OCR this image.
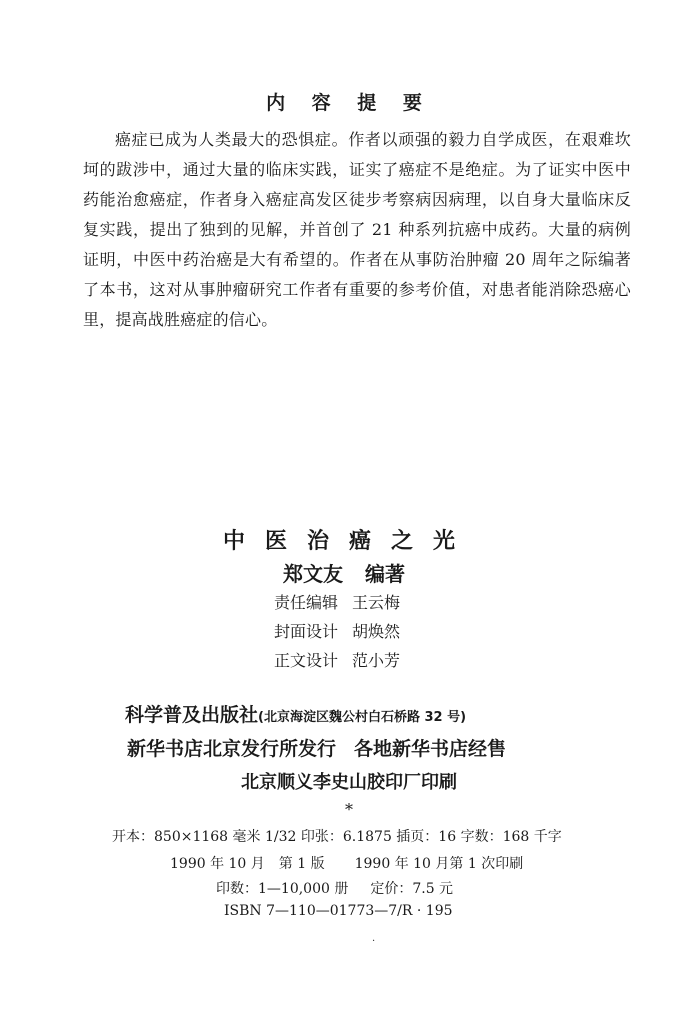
内 容 提 要

癌症已成为人类最大的恐惧症。作者以顽强的毅力自学成医，在艰难坎坷的跋涉中，通过大量的临床实践，证实了癌症不是绝症。为了证实中医中药能治愈癌症，作者身入癌症高发区徒步考察病因病理，以自身大量临床反复实践，提出了独到的见解，并首创了 21 种系列抗癌中成药。大量的病例证明，中医中药治癌是大有希望的。作者在从事防治肿瘤 20 周年之际编著了本书，这对从事肿瘤研究工作者有重要的参考价值，对患者能消除恐癌心里，提高战胜癌症的信心。

中医治癌之光
郑文友 编著
责任编辑 王云梅
封面设计 胡焕然
正文设计 范小芳
科学普及出版社(北京海淀区魏公村白石桥路 32 号)
新华书店北京发行所发行 各地新华书店经售
北京顺义李史山胶印厂印刷
*
开本：850×1168 毫米 1/32 印张：6.1875 插页：16 字数：168 千字
1990 年 10 月 第 1 版 1990 年 10 月第 1 次印刷
印数：1—10,000 册 定价：7.5 元
ISBN 7—110—01773—7/R · 195
·
